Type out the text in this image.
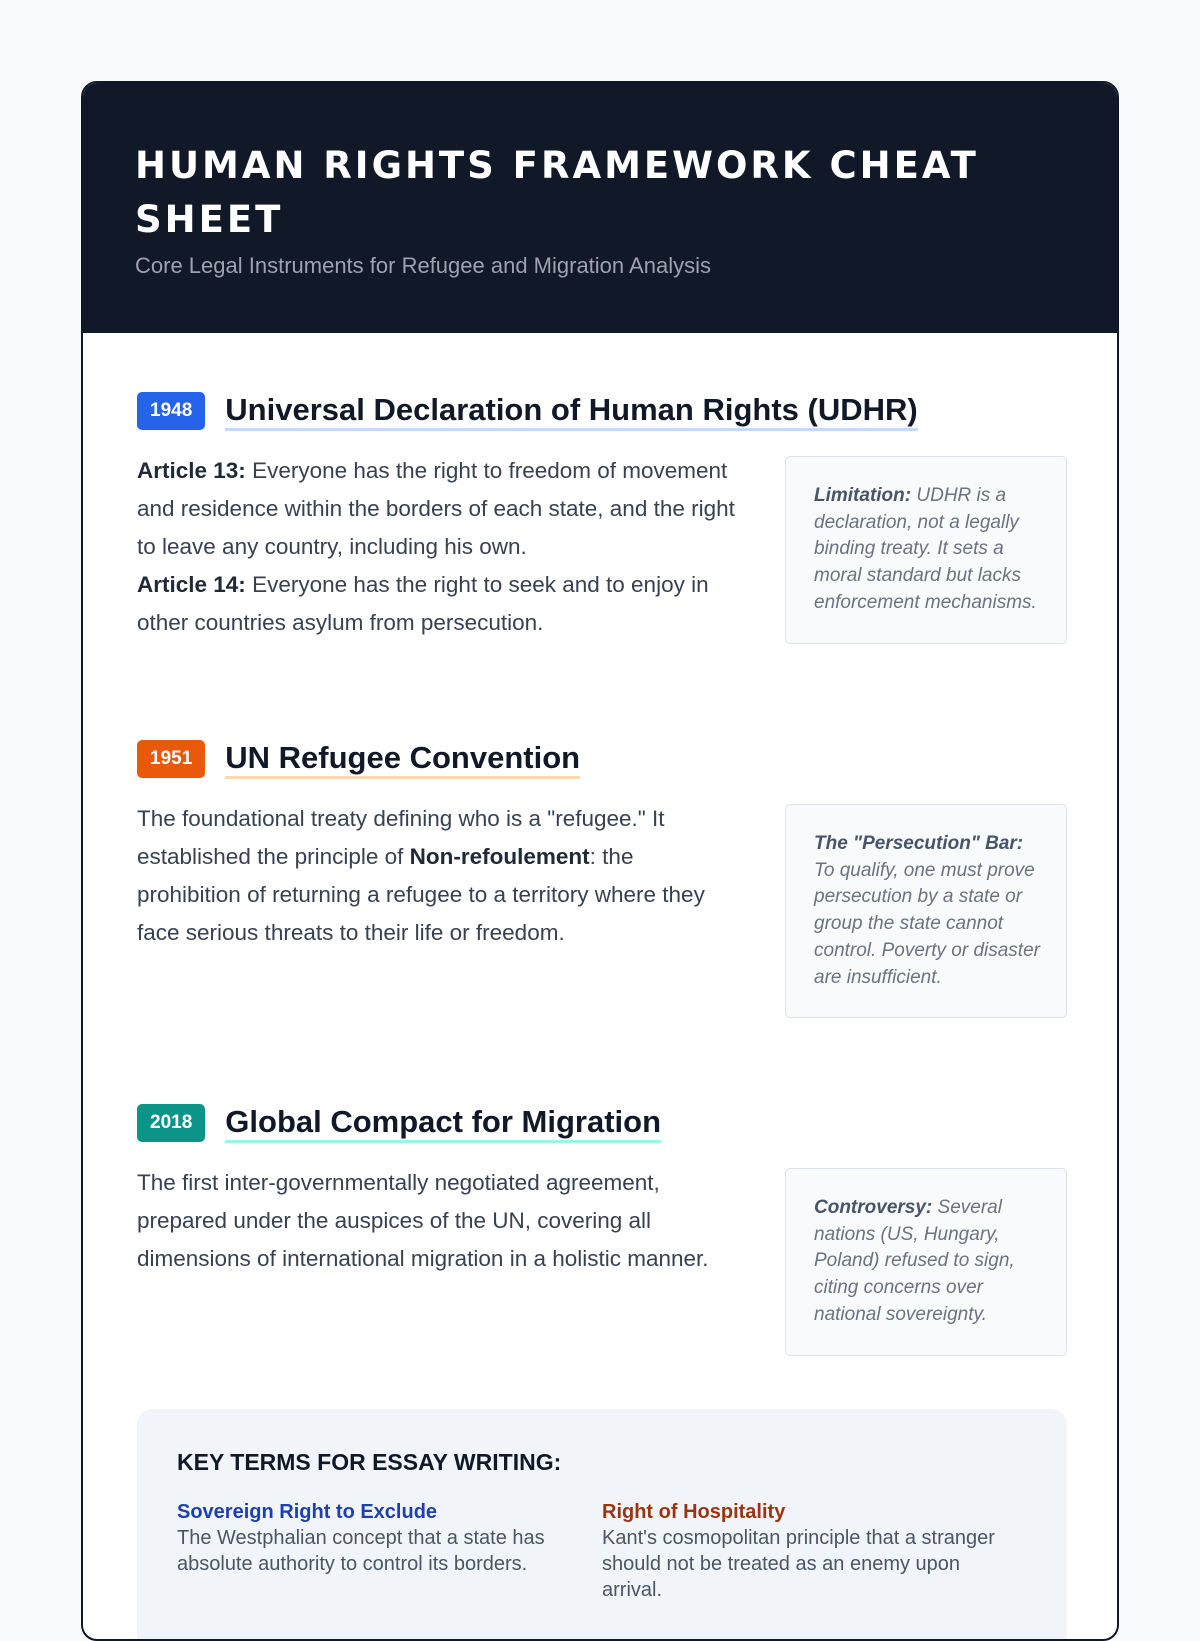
HUMAN RIGHTS FRAMEWORK CHEAT SHEET

Core Legal Instruments for Refugee and Migration Analysis

1948	Universal Declaration of Human Rights (UDHR)
Article 13: Everyone has the right to freedom of movement and residence within the borders of each state, and the right to leave any country, including his own.
Article 14: Everyone has the right to seek and to enjoy in other countries asylum from persecution.
Limitation: UDHR is a declaration, not a legally binding treaty. It sets a moral standard but lacks enforcement mechanisms.
1951	UN Refugee Convention
The foundational treaty defining who is a "refugee." It established the principle of Non-refoulement: the prohibition of returning a refugee to a territory where they face serious threats to their life or freedom.
The "Persecution" Bar: To qualify, one must prove persecution by a state or group the state cannot control. Poverty or disaster are insufficient.
2018	Global Compact for Migration
The first inter-governmentally negotiated agreement, prepared under the auspices of the UN, covering all dimensions of international migration in a holistic manner.
Controversy: Several nations (US, Hungary, Poland) refused to sign, citing concerns over national sovereignty.
KEY TERMS FOR ESSAY WRITING:
Sovereign Right to Exclude
The Westphalian concept that a state has absolute authority to control its borders.
Right of Hospitality
Kant's cosmopolitan principle that a stranger should not be treated as an enemy upon arrival.
